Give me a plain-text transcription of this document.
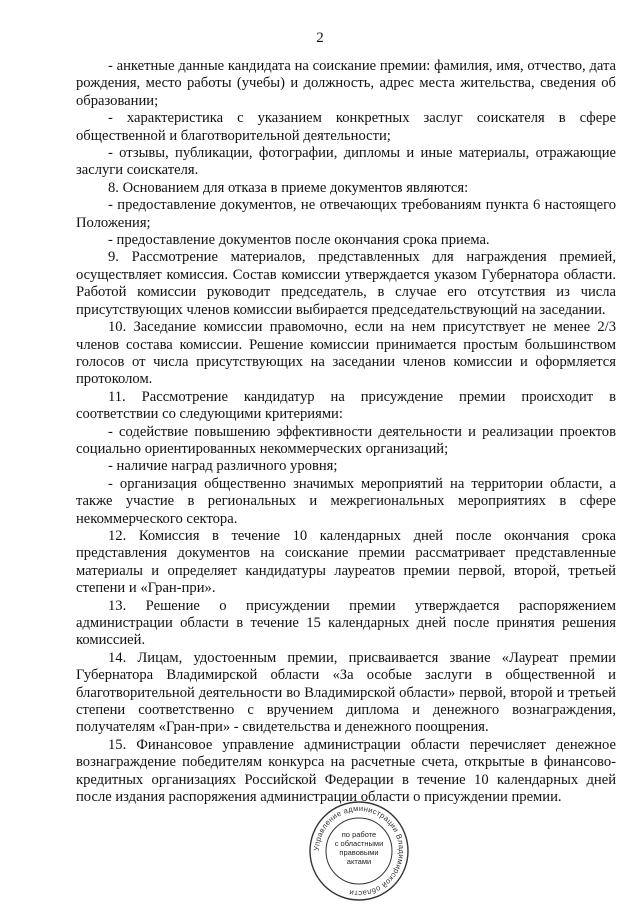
2

- анкетные данные кандидата на соискание премии: фамилия, имя, отчество, дата рождения, место работы (учебы) и должность, адрес места жительства, сведения об образовании;

- характеристика с указанием конкретных заслуг соискателя в сфере общественной и благотворительной деятельности;

- отзывы, публикации, фотографии, дипломы и иные материалы, отражающие заслуги соискателя.

8. Основанием для отказа в приеме документов являются:

- предоставление документов, не отвечающих требованиям пункта 6 настоящего Положения;

- предоставление документов после окончания срока приема.

9. Рассмотрение материалов, представленных для награждения премией, осуществляет комиссия. Состав комиссии утверждается указом Губернатора области. Работой комиссии руководит председатель, в случае его отсутствия из числа присутствующих членов комиссии выбирается председательствующий на заседании.

10. Заседание комиссии правомочно, если на нем присутствует не менее 2/3 членов состава комиссии. Решение комиссии принимается простым большинством голосов от числа присутствующих на заседании членов комиссии и оформляется протоколом.

11. Рассмотрение кандидатур на присуждение премии происходит в соответствии со следующими критериями:

- содействие повышению эффективности деятельности и реализации проектов социально ориентированных некоммерческих организаций;

- наличие наград различного уровня;

- организация общественно значимых мероприятий на территории области, а также участие в региональных и межрегиональных мероприятиях в сфере некоммерческого сектора.

12. Комиссия в течение 10 календарных дней после окончания срока представления документов на соискание премии рассматривает представленные материалы и определяет кандидатуры лауреатов премии первой, второй, третьей степени и «Гран-при».

13. Решение о присуждении премии утверждается распоряжением администрации области в течение 15 календарных дней после принятия решения комиссией.

14. Лицам, удостоенным премии, присваивается звание «Лауреат премии Губернатора Владимирской области «За особые заслуги в общественной и благотворительной деятельности во Владимирской области» первой, второй и третьей степени соответственно с вручением диплома и денежного вознаграждения, получателям «Гран-при» - свидетельства и денежного поощрения.

15. Финансовое управление администрации области перечисляет денежное вознаграждение победителям конкурса на расчетные счета, открытые в финансово-кредитных организациях Российской Федерации в течение 10 календарных дней после издания распоряжения администрации области о присуждении премии.

Управление администрации Владимирской области
по работе
с областными
правовыми
актами
